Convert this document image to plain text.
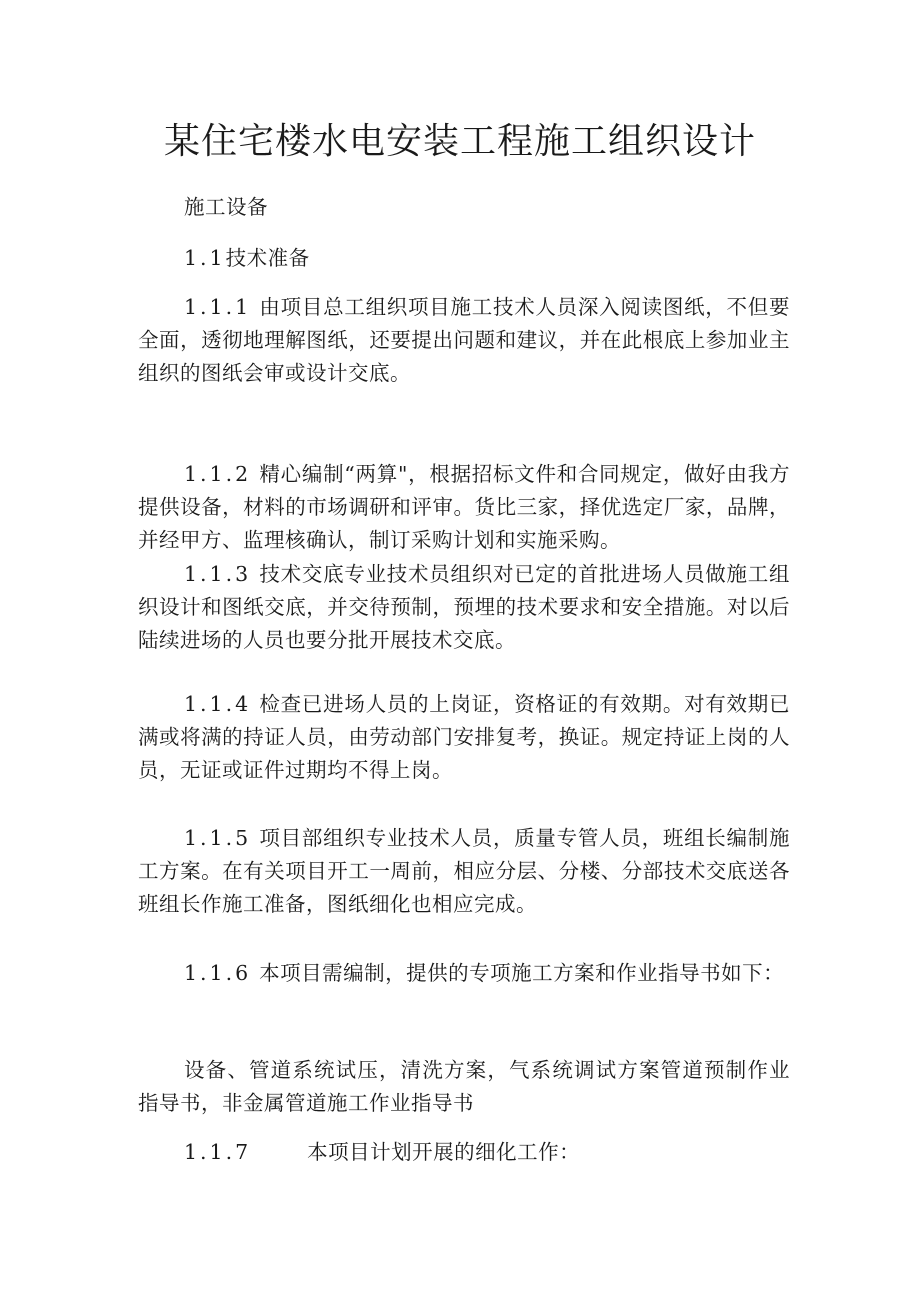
某住宅楼水电安装工程施工组织设计
施工设备
1.1技术准备
1.1.1 由项目总工组织项目施工技术人员深入阅读图纸，不但要全面，透彻地理解图纸，还要提出问题和建议，并在此根底上参加业主组织的图纸会审或设计交底。
1.1.2 精心编制“两算"，根据招标文件和合同规定，做好由我方提供设备，材料的市场调研和评审。货比三家，择优选定厂家，品牌，并经甲方、监理核确认，制订采购计划和实施采购。
1.1.3 技术交底专业技术员组织对已定的首批进场人员做施工组织设计和图纸交底，并交待预制，预埋的技术要求和安全措施。对以后陆续进场的人员也要分批开展技术交底。
1.1.4 检查已进场人员的上岗证，资格证的有效期。对有效期已满或将满的持证人员，由劳动部门安排复考，换证。规定持证上岗的人员，无证或证件过期均不得上岗。
1.1.5 项目部组织专业技术人员，质量专管人员，班组长编制施工方案。在有关项目开工一周前，相应分层、分楼、分部技术交底送各班组长作施工准备，图纸细化也相应完成。
1.1.6 本项目需编制，提供的专项施工方案和作业指导书如下：
设备、管道系统试压，清洗方案，气系统调试方案管道预制作业指导书，非金属管道施工作业指导书
1.1.7	本项目计划开展的细化工作：
